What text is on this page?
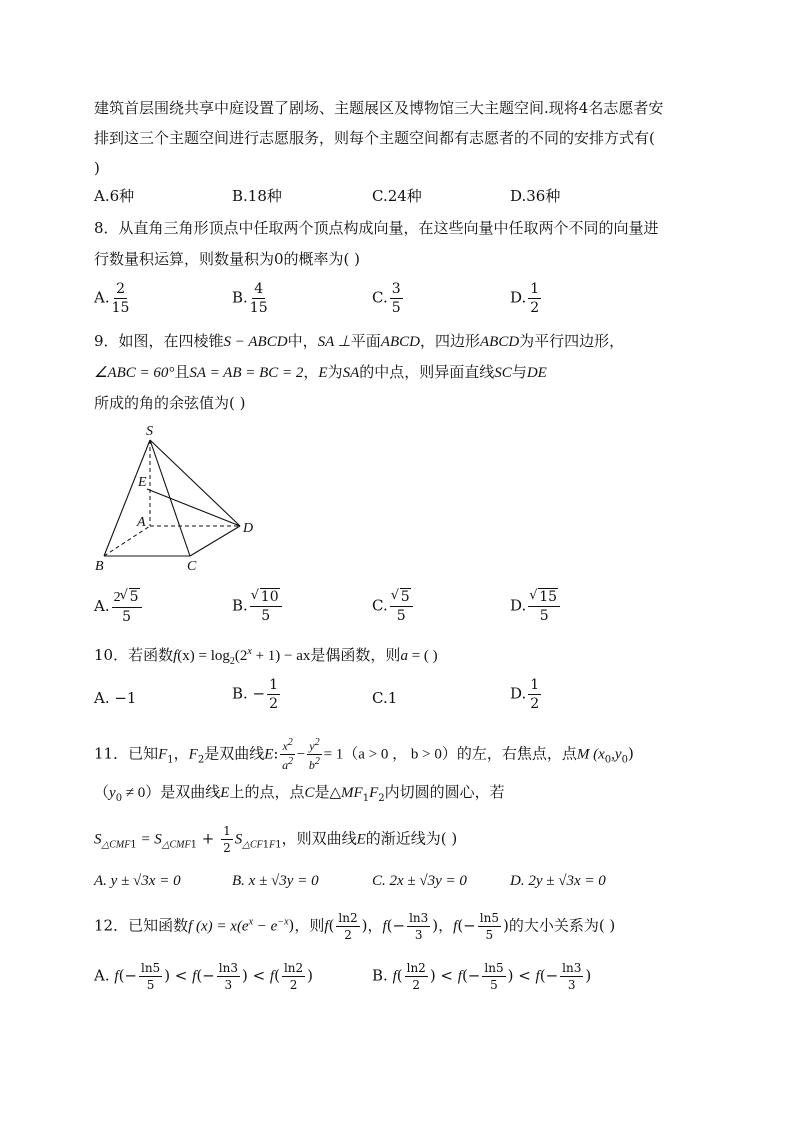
建筑首层围绕共享中庭设置了剧场、主题展区及博物馆三大主题空间.现将4名志愿者安
排到这三个主题空间进行志愿服务，则每个主题空间都有志愿者的不同的安排方式有(
)
A.6种	B.18种	C.24种	D.36种
8．从直角三角形顶点中任取两个顶点构成向量，在这些向量中任取两个不同的向量进
行数量积运算，则数量积为0的概率为( )
A. $\frac{2}{15}$	B. $\frac{4}{15}$	C. $\frac{3}{5}$	D. $\frac{1}{2}$
9．如图，在四棱锥S − ABCD中，SA ⊥平面ABCD，四边形ABCD为平行四边形，
∠ABC = 60°且SA = AB = BC = 2，E为SA的中点，则异面直线SC与DE
所成的角的余弦值为( )
S
E
A	D
B	C
A. $\frac{2 √ 5}{5}$	B. √ $\frac{10}{5}$	C. √ $\frac{5}{5}$	D. √ $\frac{15}{5}$
10．若函数$f(x) = \log_2(2^x + 1)$ − ax是偶函数，则a = ( )
A. −1	B. − $\frac{1}{2}$	C.1	D. $\frac{1}{2}$
11．已知$F_1$，$F_2$是双曲线E: $\frac{x^2}{a^2} - \frac{y^2}{b^2} = 1(a > 0$ ， b > 0）的左，右焦点，点M $(x_0,y_0)$
$(y_0 \ne 0)$是双曲线E上的点，点C是$\triangle MF_1F_2$内切圆的圆心，若
$S_{\triangle CMF1} = S_{\triangle CMF1} + \frac{1}{2} S_{\triangle CF1F1}$，则双曲线E的渐近线为( )
A. y ± √3x = 0	B. x ± √3y = 0	C. 2x ± √3y = 0	D. 2y ± √3x = 0
12．已知函数f $(x) = x(e^x - e^{-x})$，则$f( \frac{\ln 2}{2}$ )，$f(- \frac{\ln 3}{3}$ )，$f(- \frac{\ln 5}{5}$ )的大小关系为( )
A. $f(- \frac{\ln 5}{5}$ ) < $f(- \frac{\ln 3}{3}$ ) < $f( \frac{\ln 2}{2}$ )	B. $f( \frac{\ln 2}{2}$ ) < $f(- \frac{\ln 5}{5}$ ) < $f(- \frac{\ln 3}{3}$ )
